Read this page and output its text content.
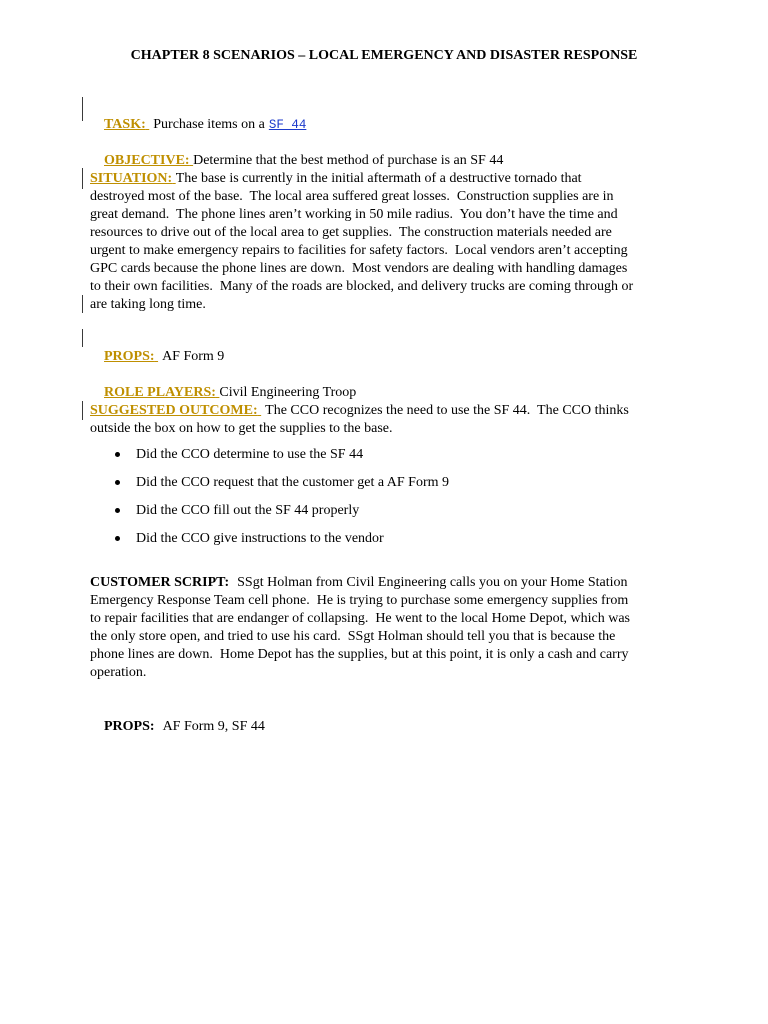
CHAPTER 8 SCENARIOS – LOCAL EMERGENCY AND DISASTER RESPONSE

TASK: Purchase items on a SF 44

OBJECTIVE: Determine that the best method of purchase is an SF 44

SITUATION: The base is currently in the initial aftermath of a destructive tornado that
destroyed most of the base.  The local area suffered great losses.  Construction supplies are in
great demand.  The phone lines aren’t working in 50 mile radius.  You don’t have the time and
resources to drive out of the local area to get supplies.  The construction materials needed are
urgent to make emergency repairs to facilities for safety factors.  Local vendors aren’t accepting
GPC cards because the phone lines are down.  Most vendors are dealing with handling damages
to their own facilities.  Many of the roads are blocked, and delivery trucks are coming through or
are taking long time.

PROPS: AF Form 9

ROLE PLAYERS: Civil Engineering Troop

SUGGESTED OUTCOME: The CCO recognizes the need to use the SF 44.  The CCO thinks
outside the box on how to get the supplies to the base.
Did the CCO determine to use the SF 44
Did the CCO request that the customer get a AF Form 9
Did the CCO fill out the SF 44 properly
Did the CCO give instructions to the vendor
CUSTOMER SCRIPT: SSgt Holman from Civil Engineering calls you on your Home Station
Emergency Response Team cell phone.  He is trying to purchase some emergency supplies from
to repair facilities that are endanger of collapsing.  He went to the local Home Depot, which was
the only store open, and tried to use his card.  SSgt Holman should tell you that is because the
phone lines are down.  Home Depot has the supplies, but at this point, it is only a cash and carry
operation.

PROPS: AF Form 9, SF 44
